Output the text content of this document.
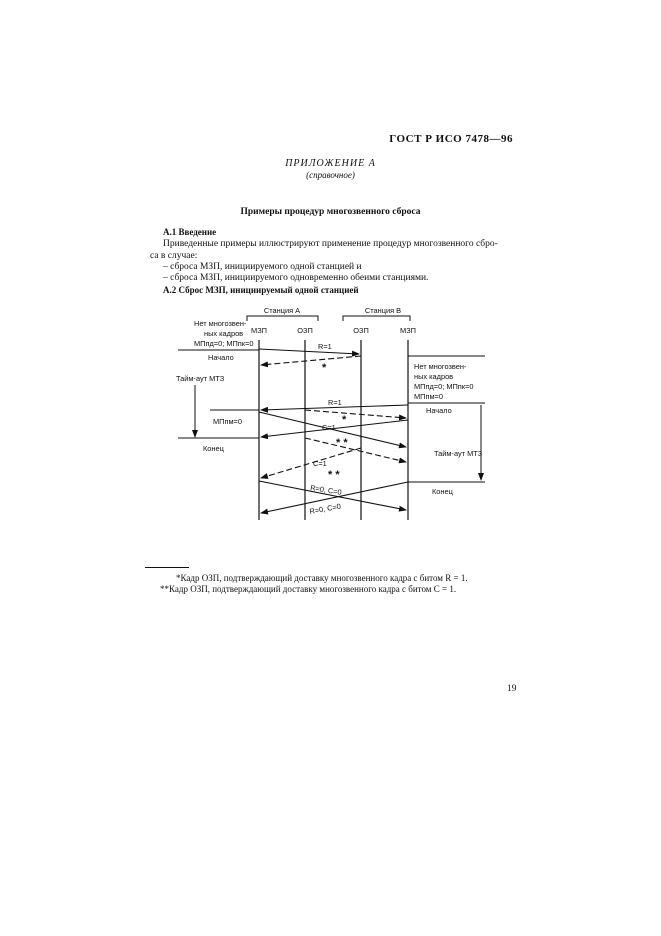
ГОСТ Р ИСО 7478—96
ПРИЛОЖЕНИЕ А
(справочное)
Примеры процедур многозвенного сброса
А.1 Введение
Приведенные примеры иллюстрируют применение процедур многозвенного сбро-
са в случае:
– сброса МЗП, инициируемого одной станцией и
– сброса МЗП, инициируемого одновременно обеими станциями.
А.2 Сброс МЗП, инициируемый одной станцией
Станция А	Станция В
МЗП	ОЗП	ОЗП	МЗП
Нет многозвен-
ных кадров
МПпд=0; МПпк=0
Начало
Тайм-аут МТЗ
МПпм=0
Конец
Нет многозвен-
ных кадров
МПпд=0; МПпк=0
МПпм=0
Начало
Тайм-аут МТЗ
Конец
R=1
*
R=1
*
C=1
* *
C=1
* *
R=0, C=0
R=0, C=0
*Кадр ОЗП, подтверждающий доставку многозвенного кадра с битом R = 1.
**Кадр ОЗП, подтверждающий доставку многозвенного кадра с битом C = 1.
19
